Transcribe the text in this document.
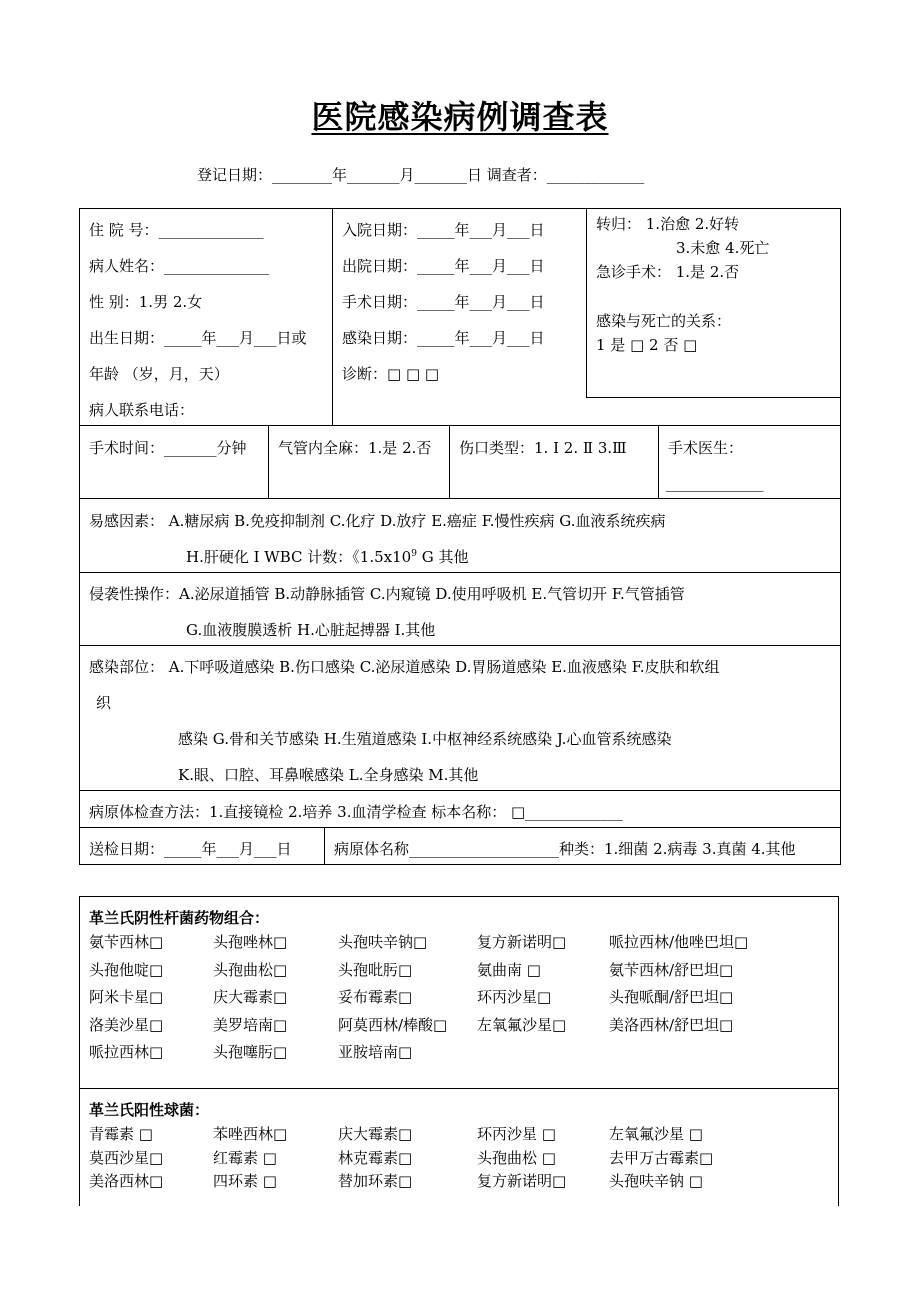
医院感染病例调查表
登记日期：________年_______月_______日 调查者：_____________
住 院 号：______________
病人姓名：______________
性 别：1.男 2.女
出生日期：_____年___月___日或
年龄 （岁，月，天）
病人联系电话：
入院日期：_____年___月___日
出院日期：_____年___月___日
手术日期：_____年___月___日
感染日期：_____年___月___日
诊断：□ □ □
转归： 1.治愈 2.好转
3.未愈 4.死亡
急诊手术： 1.是 2.否
感染与死亡的关系：
1 是 □ 2 否 □
手术时间：_______分钟 气管内全麻：1.是 2.否 伤口类型：1. Ⅰ 2. Ⅱ 3.Ⅲ	手术医生：
_____________
易感因素： A.糖尿病 B.免疫抑制剂 C.化疗 D.放疗 E.癌症 F.慢性疾病 G.血液系统疾病
H.肝硬化 I WBC 计数：《$1.5x10^9$ G 其他
侵袭性操作：A.泌尿道插管 B.动静脉插管 C.内窥镜 D.使用呼吸机 E.气管切开 F.气管插管
G.血液腹膜透析 H.心脏起搏器 I.其他
感染部位： A.下呼吸道感染 B.伤口感染 C.泌尿道感染 D.胃肠道感染 E.血液感染 F.皮肤和软组
织
感染 G.骨和关节感染 H.生殖道感染 I.中枢神经系统感染 J.心血管系统感染
K.眼、口腔、耳鼻喉感染 L.全身感染 M.其他
病原体检查方法：1.直接镜检 2.培养 3.血清学检查 标本名称： □_____________
送检日期：_____年___月___日	病原体名称____________________种类：1.细菌 2.病毒 3.真菌 4.其他
革兰氏阴性杆菌药物组合：
氨苄西林□	头孢唑林□	头孢呋辛钠□	复方新诺明□	哌拉西林/他唑巴坦□
头孢他啶□	头孢曲松□	头孢吡肟□	氨曲南 □	氨苄西林/舒巴坦□
阿米卡星□	庆大霉素□	妥布霉素□	环丙沙星□	头孢哌酮/舒巴坦□
洛美沙星□	美罗培南□	阿莫西林/棒酸□ 左氧氟沙星□	美洛西林/舒巴坦□
哌拉西林□	头孢噻肟□	亚胺培南□
革兰氏阳性球菌：
青霉素 □	苯唑西林□	庆大霉素□	环丙沙星 □	左氧氟沙星 □
莫西沙星□	红霉素 □	林克霉素□	头孢曲松 □	去甲万古霉素□
美洛西林□	四环素 □	替加环素□	复方新诺明□	头孢呋辛钠 □
